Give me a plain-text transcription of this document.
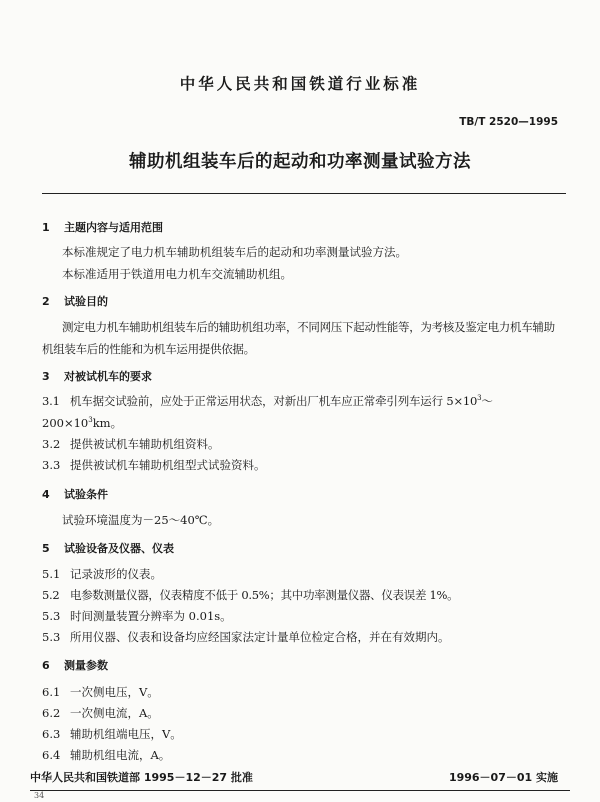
中华人民共和国铁道行业标准
TB/T 2520—1995
辅助机组装车后的起动和功率测量试验方法
1 主题内容与适用范围
本标准规定了电力机车辅助机组装车后的起动和功率测量试验方法。
本标准适用于铁道用电力机车交流辅助机组。
2 试验目的
测定电力机车辅助机组装车后的辅助机组功率，不同网压下起动性能等，为考核及鉴定电力机车辅助机组装车后的性能和为机车运用提供依据。
3 对被试机车的要求
3.1 机车据交试验前，应处于正常运用状态，对新出厂机车应正常牵引列车运行 $5\times 10^3\sim$
$200\times 10^3km$。
3.2 提供被试机车辅助机组资料。
3.3 提供被试机车辅助机组型式试验资料。
4 试验条件
试验环境温度为－25～40℃。
5 试验设备及仪器、仪表
5.1 记录波形的仪表。
5.2 电参数测量仪器，仪表精度不低于 0.5%；其中功率测量仪器、仪表误差 1%。
5.3 时间测量装置分辨率为 0.01s。
5.3 所用仪器、仪表和设备均应经国家法定计量单位检定合格，并在有效期内。
6 测量参数
6.1 一次侧电压，V。
6.2 一次侧电流，A。
6.3 辅助机组端电压，V。
6.4 辅助机组电流，A。
中华人民共和国铁道部 1995－12－27 批准	1996－07－01 实施
34
